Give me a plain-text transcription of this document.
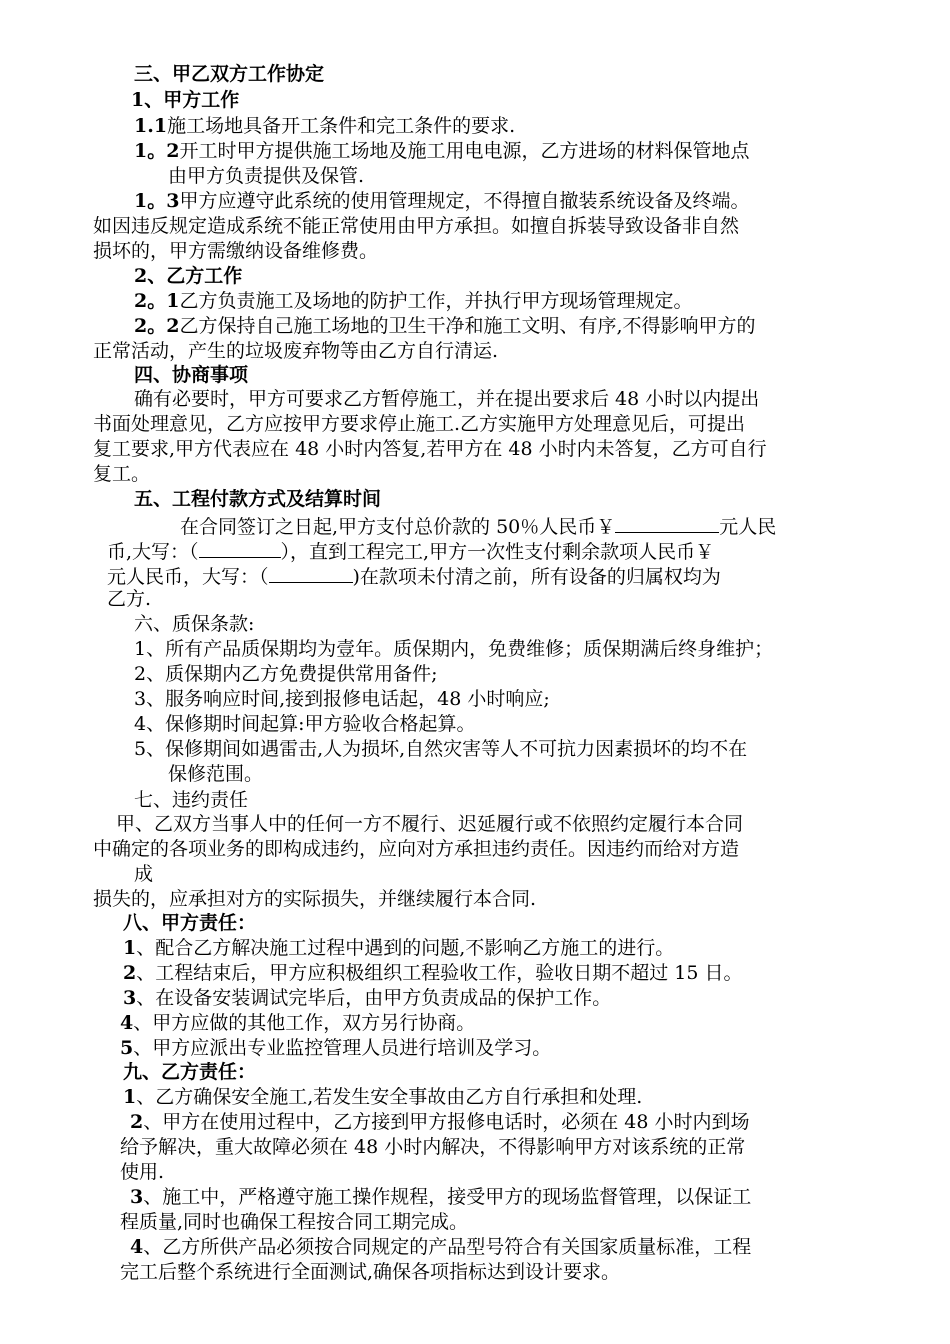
三、甲乙双方工作协定
1、甲方工作
1.1施工场地具备开工条件和完工条件的要求.
1。2开工时甲方提供施工场地及施工用电电源，乙方进场的材料保管地点
由甲方负责提供及保管.
1。3甲方应遵守此系统的使用管理规定，不得擅自撤装系统设备及终端。
如因违反规定造成系统不能正常使用由甲方承担。如擅自拆装导致设备非自然
损坏的，甲方需缴纳设备维修费。
2、乙方工作
2。1乙方负责施工及场地的防护工作，并执行甲方现场管理规定。
2。2乙方保持自己施工场地的卫生干净和施工文明、有序,不得影响甲方的
正常活动，产生的垃圾废弃物等由乙方自行清运.
四、协商事项
确有必要时，甲方可要求乙方暂停施工，并在提出要求后 48 小时以内提出
书面处理意见，乙方应按甲方要求停止施工.乙方实施甲方处理意见后，可提出
复工要求,甲方代表应在 48 小时内答复,若甲方在 48 小时内未答复，乙方可自行
复工。
五、工程付款方式及结算时间
在合同签订之日起,甲方支付总价款的 50％人民币￥	元人民
币,大写：（	），直到工程完工,甲方一次性支付剩余款项人民币￥
元人民币，大写：（	)在款项未付清之前，所有设备的归属权均为
乙方.
六、质保条款:
1、所有产品质保期均为壹年。质保期内，免费维修；质保期满后终身维护；
2、质保期内乙方免费提供常用备件;
3、服务响应时间,接到报修电话起，48 小时响应;
4、保修期时间起算:甲方验收合格起算。
5、保修期间如遇雷击,人为损坏,自然灾害等人不可抗力因素损坏的均不在
保修范围。
七、违约责任
甲、乙双方当事人中的任何一方不履行、迟延履行或不依照约定履行本合同
中确定的各项业务的即构成违约，应向对方承担违约责任。因违约而给对方造
成
损失的，应承担对方的实际损失，并继续履行本合同.
八、甲方责任：
1、配合乙方解决施工过程中遇到的问题,不影响乙方施工的进行。
2、工程结束后，甲方应积极组织工程验收工作，验收日期不超过 15 日。
3、在设备安装调试完毕后，由甲方负责成品的保护工作。
4、甲方应做的其他工作，双方另行协商。
5、甲方应派出专业监控管理人员进行培训及学习。
九、乙方责任：
1、乙方确保安全施工,若发生安全事故由乙方自行承担和处理.
2、甲方在使用过程中，乙方接到甲方报修电话时，必须在 48 小时内到场
给予解决，重大故障必须在 48 小时内解决，不得影响甲方对该系统的正常
使用.
3、施工中，严格遵守施工操作规程，接受甲方的现场监督管理，以保证工
程质量,同时也确保工程按合同工期完成。
4、乙方所供产品必须按合同规定的产品型号符合有关国家质量标准，工程
完工后整个系统进行全面测试,确保各项指标达到设计要求。
